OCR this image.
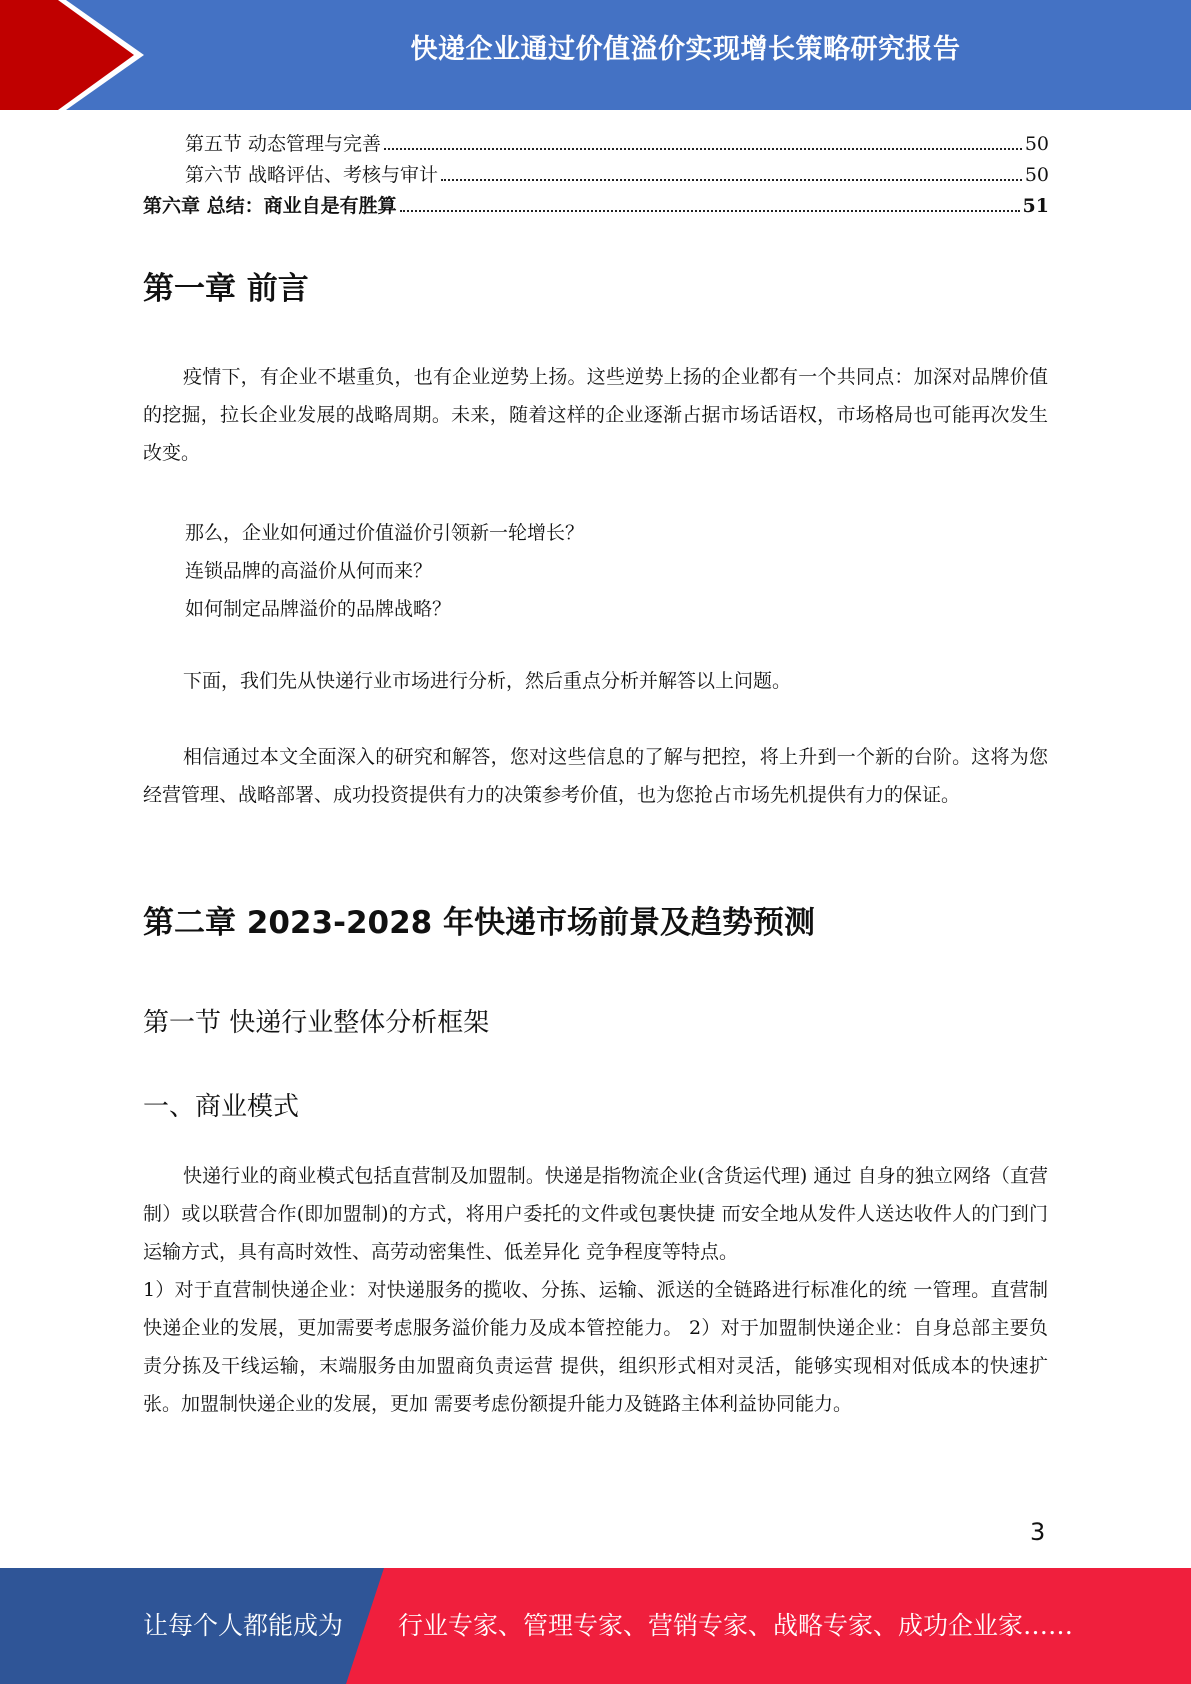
快递企业通过价值溢价实现增长策略研究报告
第五节 动态管理与完善	50
第六节 战略评估、考核与审计	50
第六章 总结：商业自是有胜算	51
第一章 前言
疫情下，有企业不堪重负，也有企业逆势上扬。这些逆势上扬的企业都有一个共同点：加深对品牌价值的挖掘，拉长企业发展的战略周期。未来，随着这样的企业逐渐占据市场话语权，市场格局也可能再次发生改变。
那么，企业如何通过价值溢价引领新一轮增长？
连锁品牌的高溢价从何而来？
如何制定品牌溢价的品牌战略？
下面，我们先从快递行业市场进行分析，然后重点分析并解答以上问题。
相信通过本文全面深入的研究和解答，您对这些信息的了解与把控，将上升到一个新的台阶。这将为您经营管理、战略部署、成功投资提供有力的决策参考价值，也为您抢占市场先机提供有力的保证。
第二章 2023-2028 年快递市场前景及趋势预测
第一节 快递行业整体分析框架
一、商业模式
快递行业的商业模式包括直营制及加盟制。快递是指物流企业(含货运代理) 通过 自身的独立网络（直营制）或以联营合作(即加盟制)的方式，将用户委托的文件或包裹快捷 而安全地从发件人送达收件人的门到门运输方式，具有高时效性、高劳动密集性、低差异化 竞争程度等特点。
1）对于直营制快递企业：对快递服务的揽收、分拣、运输、派送的全链路进行标准化的统 一管理。直营制快递企业的发展，更加需要考虑服务溢价能力及成本管控能力。 2）对于加盟制快递企业：自身总部主要负责分拣及干线运输，末端服务由加盟商负责运营 提供，组织形式相对灵活，能够实现相对低成本的快速扩张。加盟制快递企业的发展，更加 需要考虑份额提升能力及链路主体利益协同能力。
3
让每个人都能成为 行业专家、管理专家、营销专家、战略专家、成功企业家……
